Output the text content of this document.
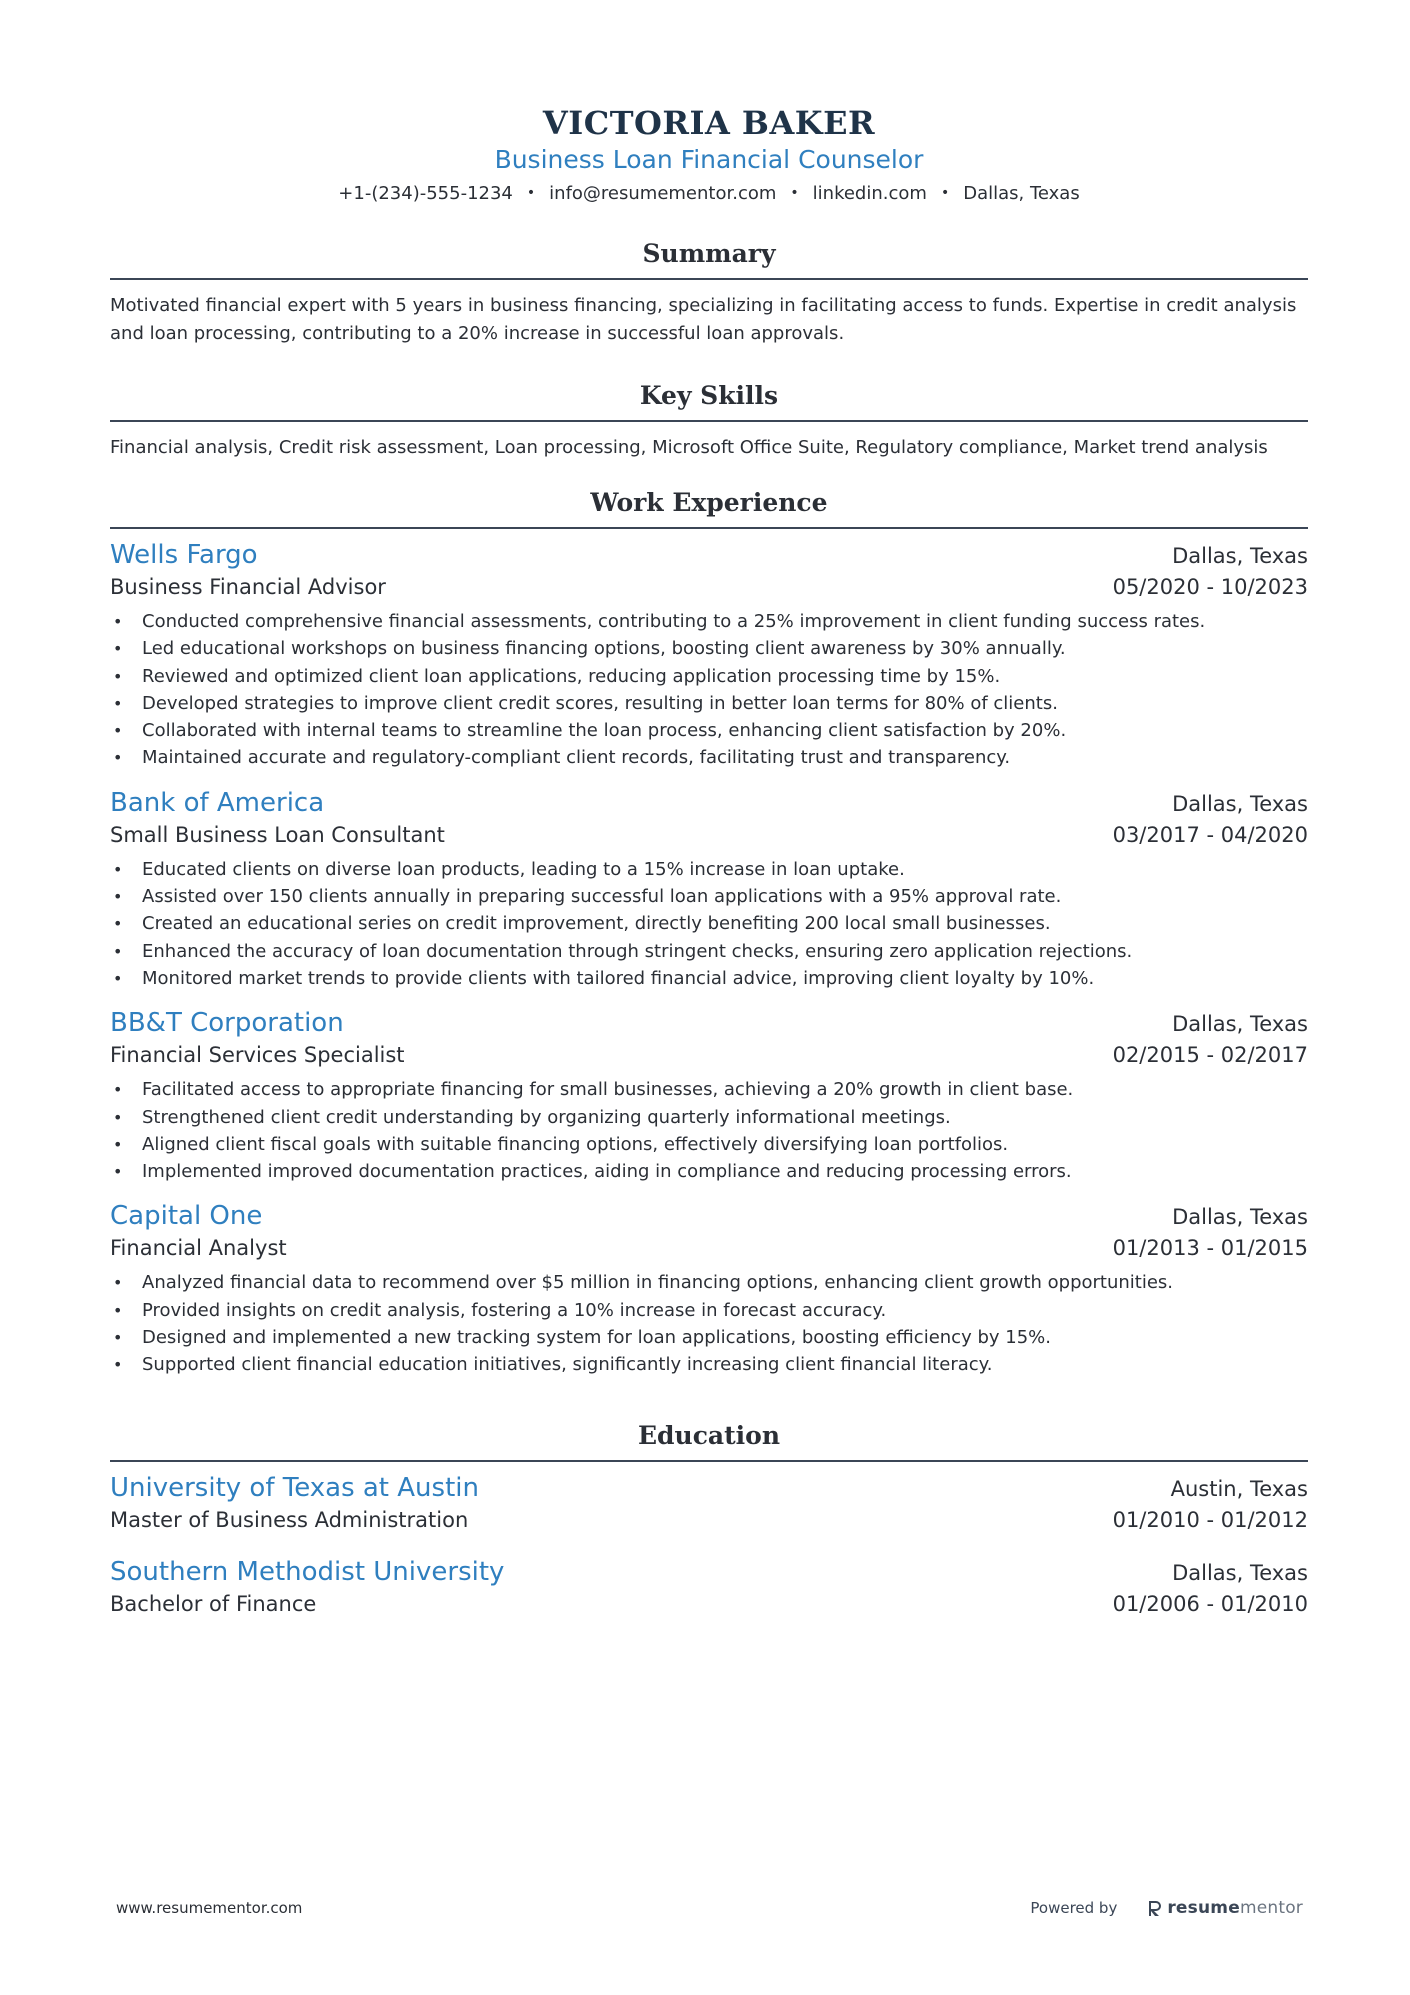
VICTORIA BAKER
Business Loan Financial Counselor
+1-(234)-555-1234 • info@resumementor.com • linkedin.com • Dallas, Texas
Summary
Motivated financial expert with 5 years in business financing, specializing in facilitating access to funds. Expertise in credit analysis and loan processing, contributing to a 20% increase in successful loan approvals.
Key Skills
Financial analysis, Credit risk assessment, Loan processing, Microsoft Office Suite, Regulatory compliance, Market trend analysis
Work Experience
Wells Fargo	Dallas, Texas
Business Financial Advisor	05/2020 - 10/2023
• Conducted comprehensive financial assessments, contributing to a 25% improvement in client funding success rates.
• Led educational workshops on business financing options, boosting client awareness by 30% annually.
• Reviewed and optimized client loan applications, reducing application processing time by 15%.
• Developed strategies to improve client credit scores, resulting in better loan terms for 80% of clients.
• Collaborated with internal teams to streamline the loan process, enhancing client satisfaction by 20%.
• Maintained accurate and regulatory-compliant client records, facilitating trust and transparency.
Bank of America	Dallas, Texas
Small Business Loan Consultant	03/2017 - 04/2020
• Educated clients on diverse loan products, leading to a 15% increase in loan uptake.
• Assisted over 150 clients annually in preparing successful loan applications with a 95% approval rate.
• Created an educational series on credit improvement, directly benefiting 200 local small businesses.
• Enhanced the accuracy of loan documentation through stringent checks, ensuring zero application rejections.
• Monitored market trends to provide clients with tailored financial advice, improving client loyalty by 10%.
BB&T Corporation	Dallas, Texas
Financial Services Specialist	02/2015 - 02/2017
• Facilitated access to appropriate financing for small businesses, achieving a 20% growth in client base.
• Strengthened client credit understanding by organizing quarterly informational meetings.
• Aligned client fiscal goals with suitable financing options, effectively diversifying loan portfolios.
• Implemented improved documentation practices, aiding in compliance and reducing processing errors.
Capital One	Dallas, Texas
Financial Analyst	01/2013 - 01/2015
• Analyzed financial data to recommend over $5 million in financing options, enhancing client growth opportunities.
• Provided insights on credit analysis, fostering a 10% increase in forecast accuracy.
• Designed and implemented a new tracking system for loan applications, boosting efficiency by 15%.
• Supported client financial education initiatives, significantly increasing client financial literacy.
Education
University of Texas at Austin	Austin, Texas
Master of Business Administration	01/2010 - 01/2012
Southern Methodist University	Dallas, Texas
Bachelor of Finance	01/2006 - 01/2010
www.resumementor.com	Powered by	resumementor
